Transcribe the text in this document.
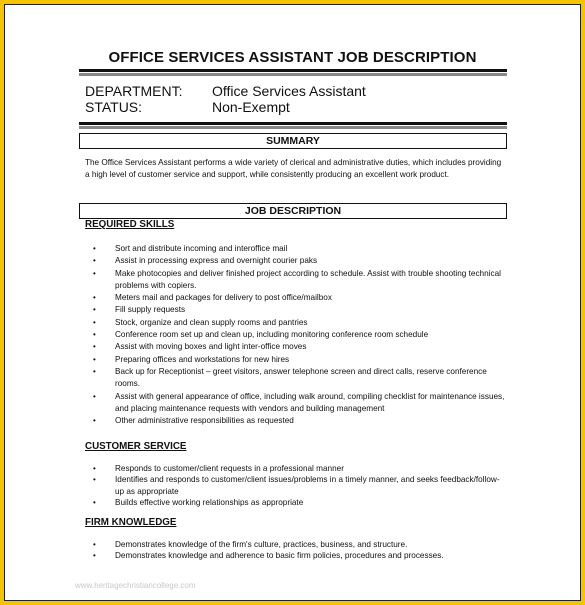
OFFICE SERVICES ASSISTANT JOB DESCRIPTION
DEPARTMENT: Office Services Assistant
STATUS:	Non-Exempt
SUMMARY
The Office Services Assistant performs a wide variety of clerical and administrative duties, which includes providing a high level of customer service and support, while consistently producing an excellent work product.
JOB DESCRIPTION
REQUIRED SKILLS
• Sort and distribute incoming and interoffice mail
• Assist in processing express and overnight courier paks
• Make photocopies and deliver finished project according to schedule. Assist with trouble shooting technical problems with copiers.
• Meters mail and packages for delivery to post office/mailbox
• Fill supply requests
• Stock, organize and clean supply rooms and pantries
• Conference room set up and clean up, including monitoring conference room schedule
• Assist with moving boxes and light inter-office moves
• Preparing offices and workstations for new hires
• Back up for Receptionist – greet visitors, answer telephone screen and direct calls, reserve conference rooms.
• Assist with general appearance of office, including walk around, compiling checklist for maintenance issues, and placing maintenance requests with vendors and building management
• Other administrative responsibilities as requested
CUSTOMER SERVICE
• Responds to customer/client requests in a professional manner
• Identifies and responds to customer/client issues/problems in a timely manner, and seeks feedback/follow-up as appropriate
• Builds effective working relationships as appropriate
FIRM KNOWLEDGE
• Demonstrates knowledge of the firm's culture, practices, business, and structure.
• Demonstrates knowledge and adherence to basic firm policies, procedures and processes.
www.heritagechristiancollege.com
